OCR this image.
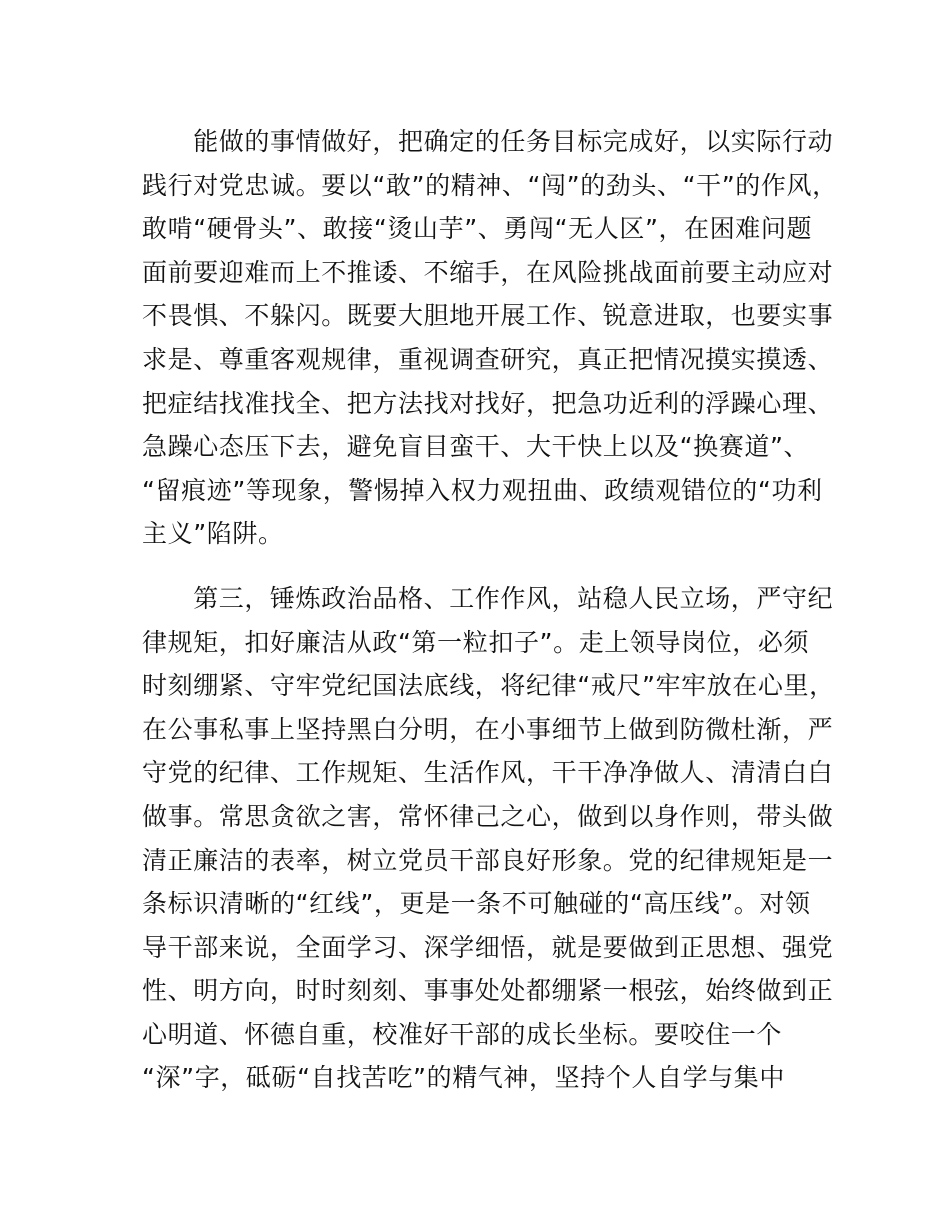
　　能做的事情做好，把确定的任务目标完成好，以实际行动
践行对党忠诚。要以“敢”的精神、“闯”的劲头、“干”的作风，
敢啃“硬骨头”、敢接“烫山芋”、勇闯“无人区”，在困难问题
面前要迎难而上不推诿、不缩手，在风险挑战面前要主动应对
不畏惧、不躲闪。既要大胆地开展工作、锐意进取，也要实事
求是、尊重客观规律，重视调查研究，真正把情况摸实摸透、
把症结找准找全、把方法找对找好，把急功近利的浮躁心理、
急躁心态压下去，避免盲目蛮干、大干快上以及“换赛道”、
“留痕迹”等现象，警惕掉入权力观扭曲、政绩观错位的“功利
主义”陷阱。
　　第三，锤炼政治品格、工作作风，站稳人民立场，严守纪
律规矩，扣好廉洁从政“第一粒扣子”。走上领导岗位，必须
时刻绷紧、守牢党纪国法底线，将纪律“戒尺”牢牢放在心里，
在公事私事上坚持黑白分明，在小事细节上做到防微杜渐，严
守党的纪律、工作规矩、生活作风，干干净净做人、清清白白
做事。常思贪欲之害，常怀律己之心，做到以身作则，带头做
清正廉洁的表率，树立党员干部良好形象。党的纪律规矩是一
条标识清晰的“红线”，更是一条不可触碰的“高压线”。对领
导干部来说，全面学习、深学细悟，就是要做到正思想、强党
性、明方向，时时刻刻、事事处处都绷紧一根弦，始终做到正
心明道、怀德自重，校准好干部的成长坐标。要咬住一个
“深”字，砥砺“自找苦吃”的精气神，坚持个人自学与集中
